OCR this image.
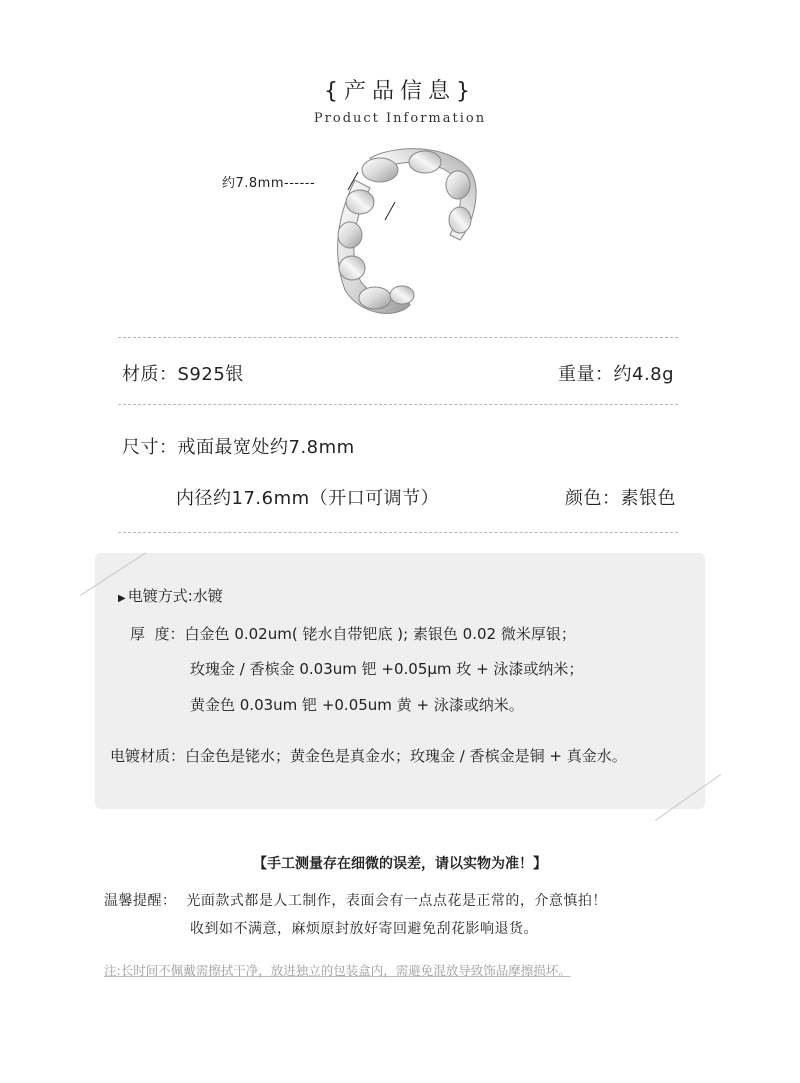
{产品信息}
Product Information
约7.8mm------
材质：S925银	重量：约4.8g
尺寸：戒面最宽处约7.8mm
内径约17.6mm（开口可调节）	颜色：素银色
▶ 电镀方式:水镀
厚  度：白金色 0.02um( 铑水自带钯底 ); 素银色 0.02 微米厚银；
玫瑰金 / 香槟金 0.03um 钯 +0.05μm 玫 + 泳漆或纳米；
黄金色 0.03um 钯 +0.05um 黄 + 泳漆或纳米。
电镀材质：白金色是铑水；黄金色是真金水；玫瑰金 / 香槟金是铜 + 真金水。
【手工测量存在细微的误差，请以实物为准！】
温馨提醒：  光面款式都是人工制作，表面会有一点点花是正常的，介意慎拍！
收到如不满意，麻烦原封放好寄回避免刮花影响退货。
注:长时间不佩戴需擦拭干净，放进独立的包装盒内，需避免混放导致饰品摩擦损坏。
